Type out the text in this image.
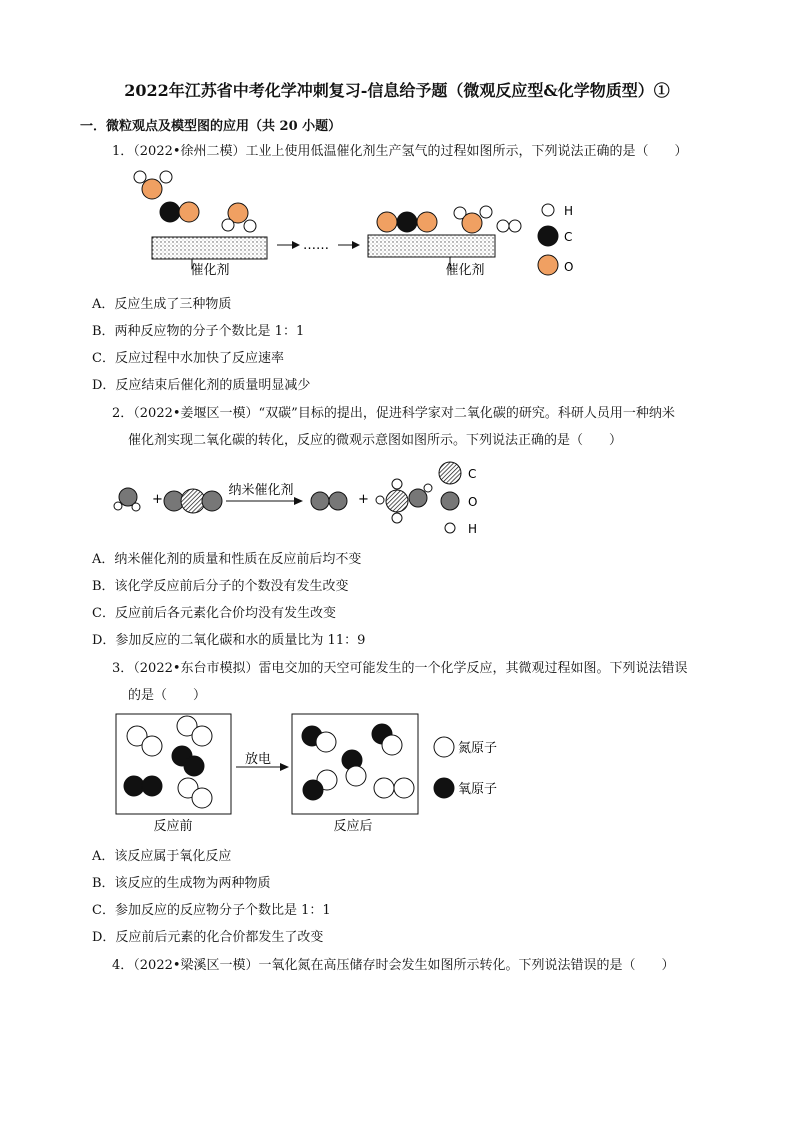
2022年江苏省中考化学冲刺复习-信息给予题（微观反应型&化学物质型）①
一．微粒观点及模型图的应用（共 20 小题）
1．（2022•徐州二模）工业上使用低温催化剂生产氢气的过程如图所示，下列说法正确的是（　　）
催化剂
……
催化剂
H
C
O
A．反应生成了三种物质
B．两种反应物的分子个数比是 1：1
C．反应过程中水加快了反应速率
D．反应结束后催化剂的质量明显减少
2．（2022•姜堰区一模）“双碳”目标的提出，促进科学家对二氧化碳的研究。科研人员用一种纳米
催化剂实现二氧化碳的转化，反应的微观示意图如图所示。下列说法正确的是（　　）
+
纳米催化剂
+
C
O
H
A．纳米催化剂的质量和性质在反应前后均不变
B．该化学反应前后分子的个数没有发生改变
C．反应前后各元素化合价均没有发生改变
D．参加反应的二氧化碳和水的质量比为 11：9
3．（2022•东台市模拟）雷电交加的天空可能发生的一个化学反应，其微观过程如图。下列说法错误
的是（　　）
反应前
放电
反应后
氮原子
氧原子
A．该反应属于氧化反应
B．该反应的生成物为两种物质
C．参加反应的反应物分子个数比是 1：1
D．反应前后元素的化合价都发生了改变
4．（2022•梁溪区一模）一氧化氮在高压储存时会发生如图所示转化。下列说法错误的是（　　）
